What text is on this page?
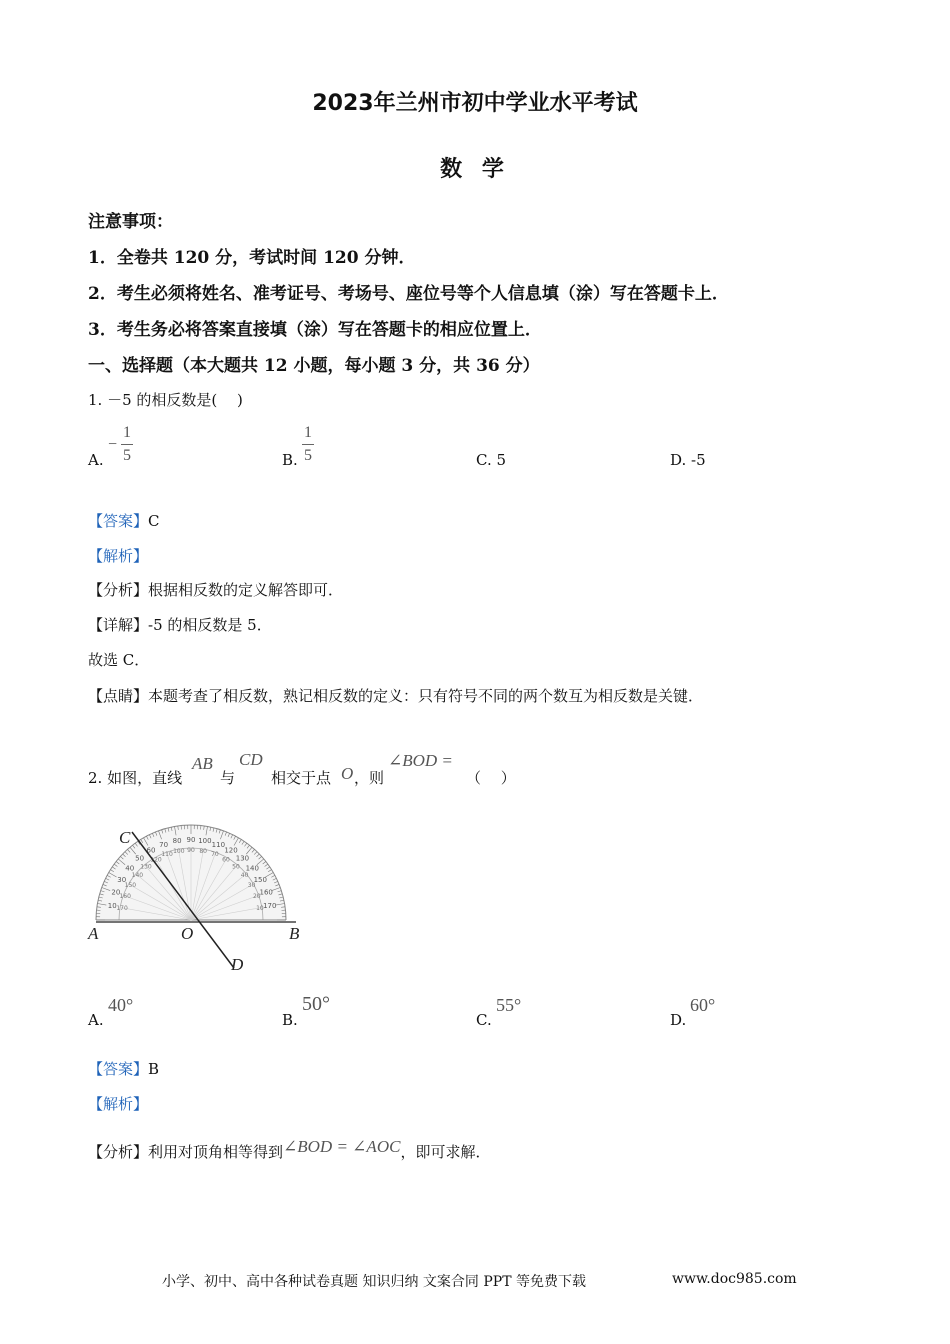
2023年兰州市初中学业水平考试
数 学
注意事项：
1．全卷共 120 分，考试时间 120 分钟．
2．考生必须将姓名、准考证号、考场号、座位号等个人信息填（涂）写在答题卡上．
3．考生务必将答案直接填（涂）写在答题卡的相应位置上．
一、选择题（本大题共 12 小题，每小题 3 分，共 36 分）
1. －5 的相反数是(　 )
A.
−
1
5	B.
1
5	C. 5	D. -5
【答案】C
【解析】
【分析】根据相反数的定义解答即可．
【详解】-5 的相反数是 5．
故选 C．
【点睛】本题考查了相反数，熟记相反数的定义：只有符号不同的两个数互为相反数是关键．
2. 如图，直线
AB
与
CD
相交于点 O ，则
∠BOD =
（　 ）
10
20
30
40
50
60
70 80 90 100 110
120
130
140
150
160
170
170
160
150
140
130
120
110 100 90 80 70
60
50
40
30
20
10
C
A	O	B
D
A.
40°
B.
50°
C.
55°
D.
60°
【答案】B
【解析】
【分析】利用对顶角相等得到∠BOD = ∠AOC，即可求解．
小学、初中、高中各种试卷真题 知识归纳 文案合同 PPT 等免费下载	www.doc985.com
